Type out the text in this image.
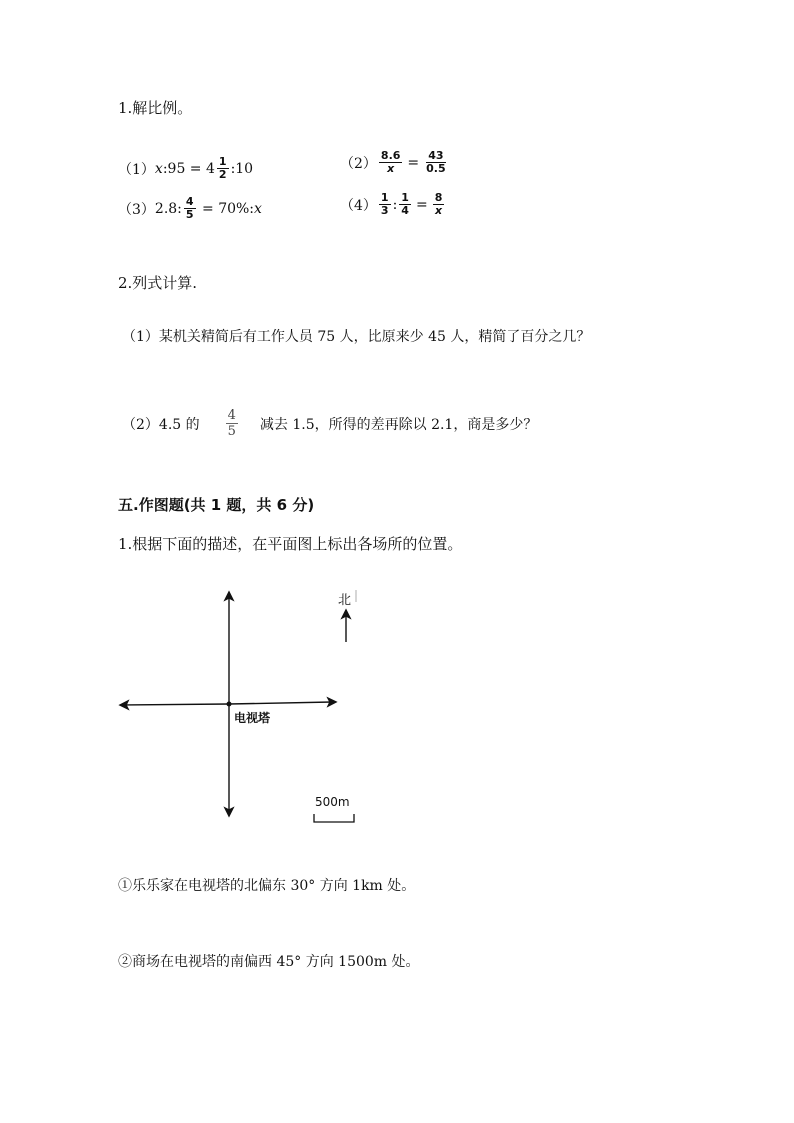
1.解比例。
（1） x :95 = $4 \frac{1}{2}$ :10	$(2) \frac{8.6}{x} = \frac{43}{0.5}$
（3） 2.8: $\frac{4}{5} = 70\%$: x	$(4) \frac{1}{3}$ : $\frac{1}{4} = \frac{8}{x}$
2.列式计算.
（1）某机关精简后有工作人员 75 人，比原来少 45 人，精简了百分之几？
（2）4.5 的 $\frac{4}{5}$ 减去 1.5，所得的差再除以 2.1，商是多少？
五.作图题(共 1 题，共 6 分)
1.根据下面的描述，在平面图上标出各场所的位置。
电视塔
北
500m
①乐乐家在电视塔的北偏东 30° 方向 1km 处。
②商场在电视塔的南偏西 45° 方向 1500m 处。
